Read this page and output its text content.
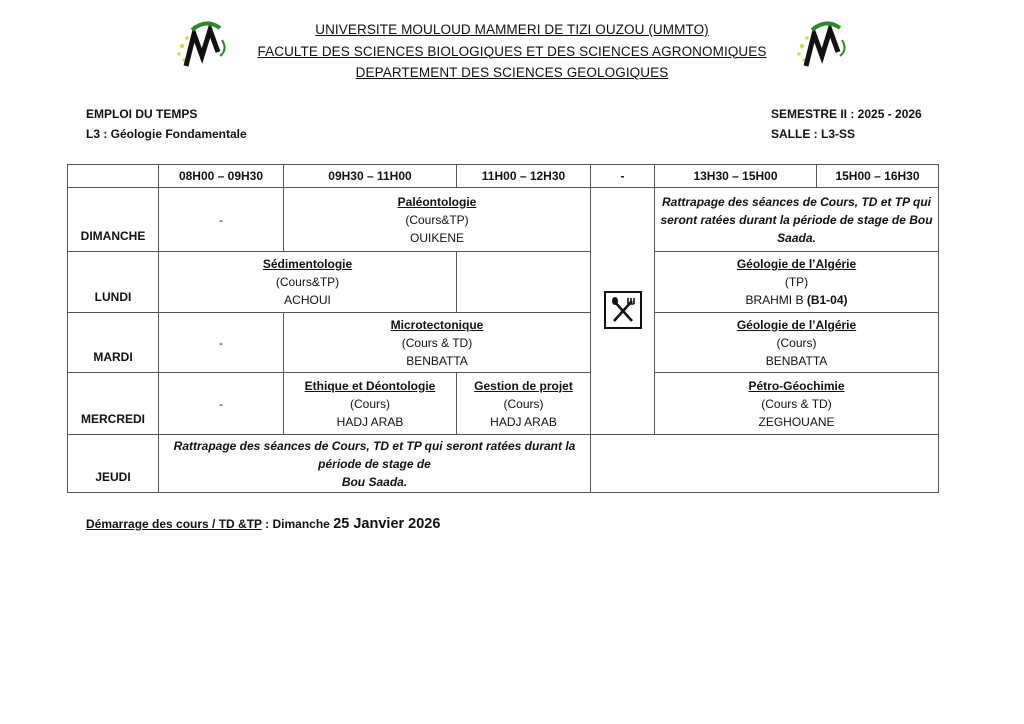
UNIVERSITE MOULOUD MAMMERI DE TIZI OUZOU (UMMTO)
FACULTE DES SCIENCES BIOLOGIQUES ET DES SCIENCES AGRONOMIQUES
DEPARTEMENT DES SCIENCES GEOLOGIQUES
EMPLOI DU TEMPS
L3 : Géologie Fondamentale
SEMESTRE II : 2025 - 2026
SALLE : L3-SS
	08H00 – 09H30	09H30 – 11H00	11H00 – 12H30	-	13H30 – 15H00	15H00 – 16H30
DIMANCHE	-	Paléontologie
(Cours&TP)
OUIKENE			Rattrapage des séances de Cours, TD et TP qui seront ratées durant la période de stage de Bou Saada.	

LUNDI	Sédimentologie
(Cours&TP)
ACHOUI				Géologie de l’Algérie
(TP)
BRAHMI B (B1-04)	

MARDI	-	Microtectonique
(Cours & TD)
BENBATTA			Géologie de l’Algérie
(Cours)
BENBATTA	

MERCREDI	-	Ethique et Déontologie
(Cours)
HADJ ARAB	Gestion de projet
(Cours)
HADJ ARAB		Pétro-Géochimie
(Cours & TD)
ZEGHOUANE	

JEUDI	Rattrapage des séances de Cours, TD et TP qui seront ratées durant la période de stage de
Bou Saada.					

Démarrage des cours / TD &TP : Dimanche 25 Janvier 2026
